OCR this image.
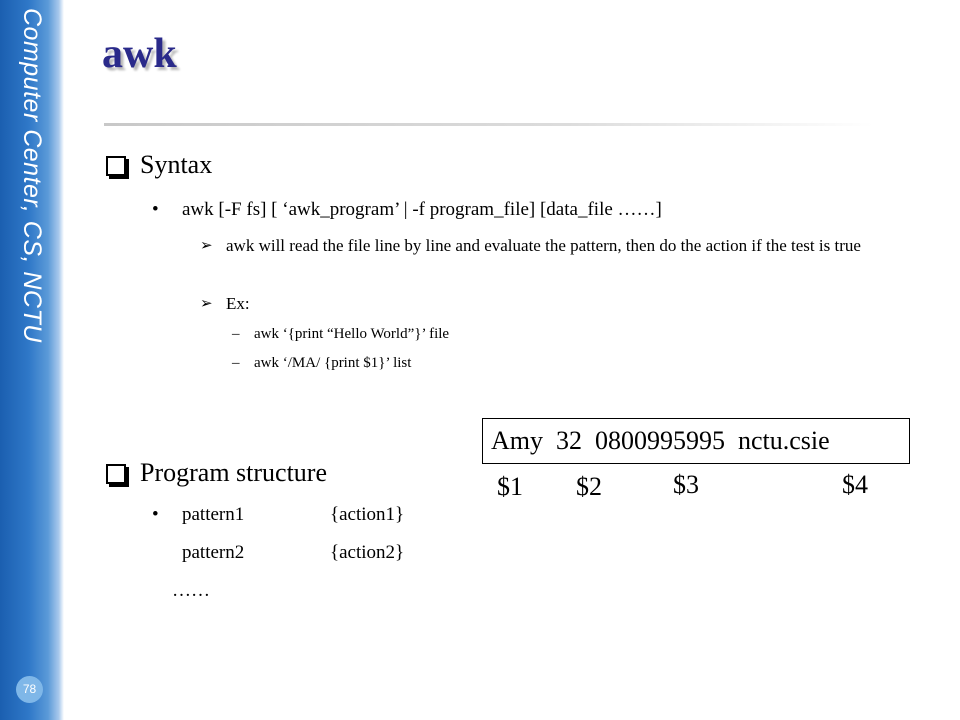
Computer Center, CS, NCTU
78
awk
Syntax
• awk [-F fs] [ ‘awk_program’ | -f program_file] [data_file ……]
➢ awk will read the file line by line and evaluate the pattern, then do the action if the test is true
➢ Ex:
– awk ‘{print “Hello World”}’ file
– awk ‘/MA/ {print $1}’ list
Program structure
• pattern1	{action1}
pattern2	{action2}
……
Amy  32  0800995995  nctu.csie
$1 $2	$3	$4
